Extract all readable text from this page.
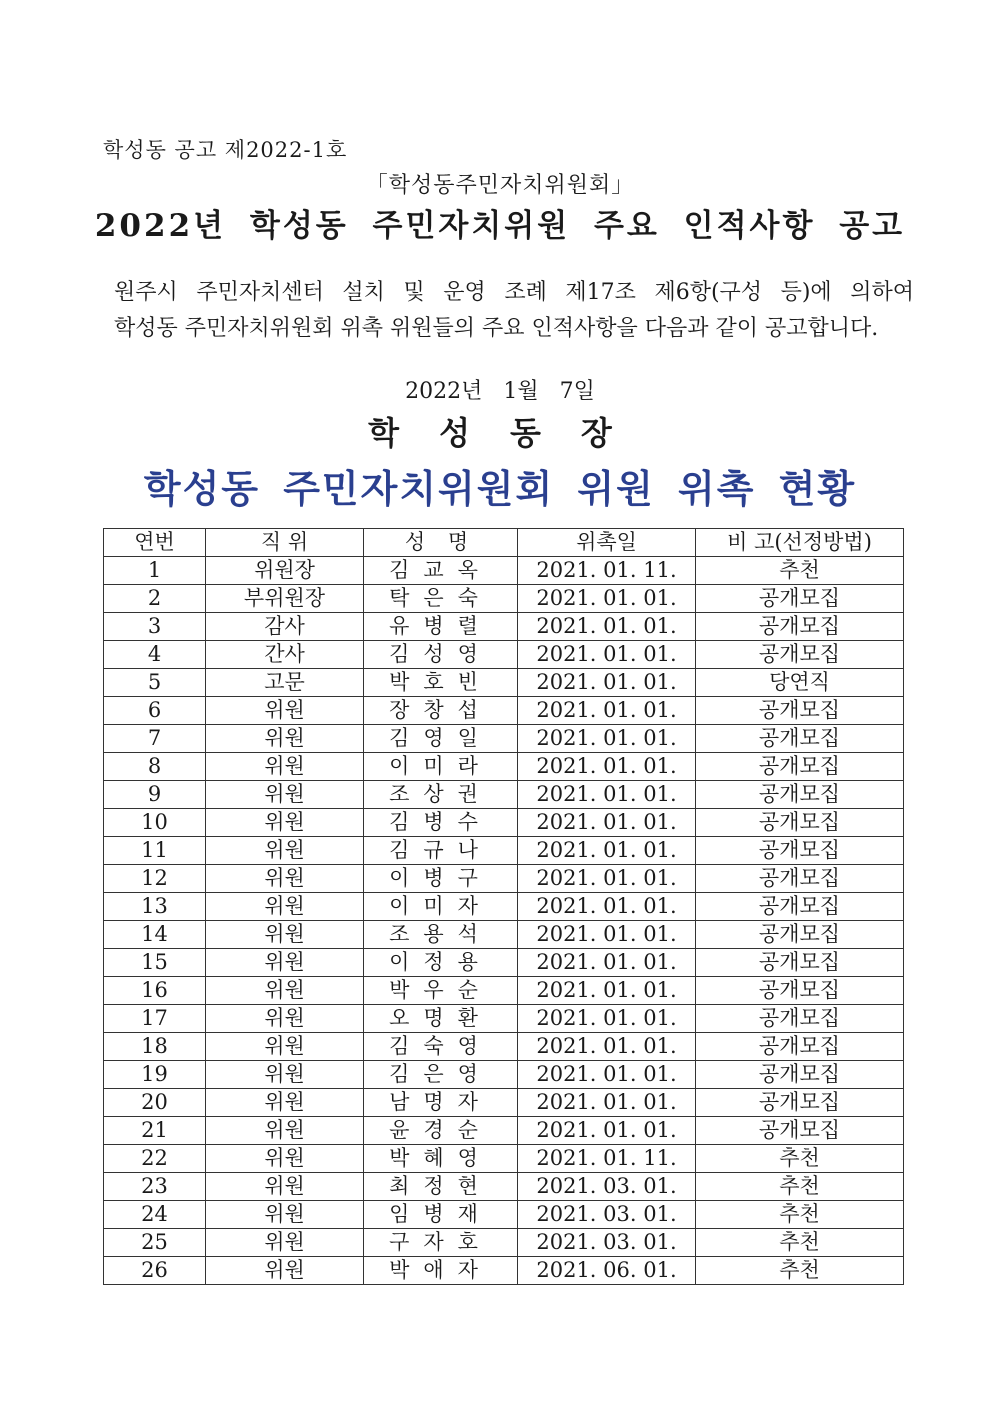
학성동 공고 제2022-1호
「학성동주민자치위원회」
2022년 학성동 주민자치위원 주요 인적사항 공고
원주시 주민자치센터 설치 및 운영 조례 제17조 제6항(구성 등)에 의하여
학성동 주민자치위원회 위촉 위원들의 주요 인적사항을 다음과 같이 공고합니다.
2022년 1월 7일
학성동장
학성동 주민자치위원회 위원 위촉 현황
연번	직 위	성 명	위촉일	비 고(선정방법)
1	위원장	김교옥	2021. 01. 11.	추천
2	부위원장	탁은숙	2021. 01. 01.	공개모집
3	감사	유병렬	2021. 01. 01.	공개모집
4	간사	김성영	2021. 01. 01.	공개모집
5	고문	박호빈	2021. 01. 01.	당연직
6	위원	장창섭	2021. 01. 01.	공개모집
7	위원	김영일	2021. 01. 01.	공개모집
8	위원	이미라	2021. 01. 01.	공개모집
9	위원	조상권	2021. 01. 01.	공개모집
10	위원	김병수	2021. 01. 01.	공개모집
11	위원	김규나	2021. 01. 01.	공개모집
12	위원	이병구	2021. 01. 01.	공개모집
13	위원	이미자	2021. 01. 01.	공개모집
14	위원	조용석	2021. 01. 01.	공개모집
15	위원	이정용	2021. 01. 01.	공개모집
16	위원	박우순	2021. 01. 01.	공개모집
17	위원	오명환	2021. 01. 01.	공개모집
18	위원	김숙영	2021. 01. 01.	공개모집
19	위원	김은영	2021. 01. 01.	공개모집
20	위원	남명자	2021. 01. 01.	공개모집
21	위원	윤경순	2021. 01. 01.	공개모집
22	위원	박혜영	2021. 01. 11.	추천
23	위원	최정현	2021. 03. 01.	추천
24	위원	임병재	2021. 03. 01.	추천
25	위원	구자호	2021. 03. 01.	추천
26	위원	박애자	2021. 06. 01.	추천
